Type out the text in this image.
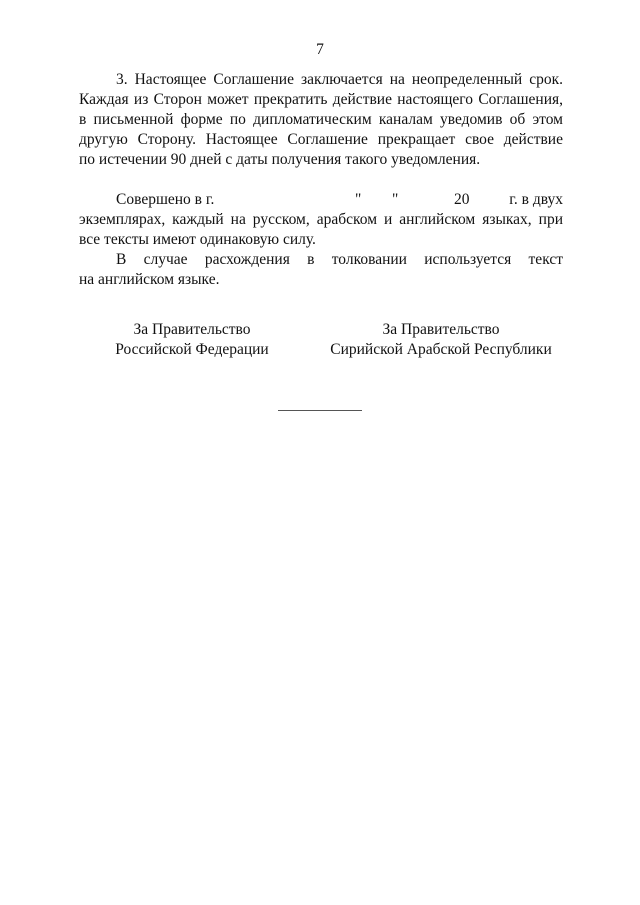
7
3. Настоящее Соглашение заключается на неопределенный срок.
Каждая из Сторон может прекратить действие настоящего Соглашения,
в письменной форме по дипломатическим каналам уведомив об этом
другую Сторону. Настоящее Соглашение прекращает свое действие
по истечении 90 дней с даты получения такого уведомления.
Совершено в г.	" "	20	г. в двух
экземплярах, каждый на русском, арабском и английском языках, при
все тексты имеют одинаковую силу.
В случае расхождения в толковании используется текст
на английском языке.
За Правительство
Российской Федерации
За Правительство
Сирийской Арабской Республики
